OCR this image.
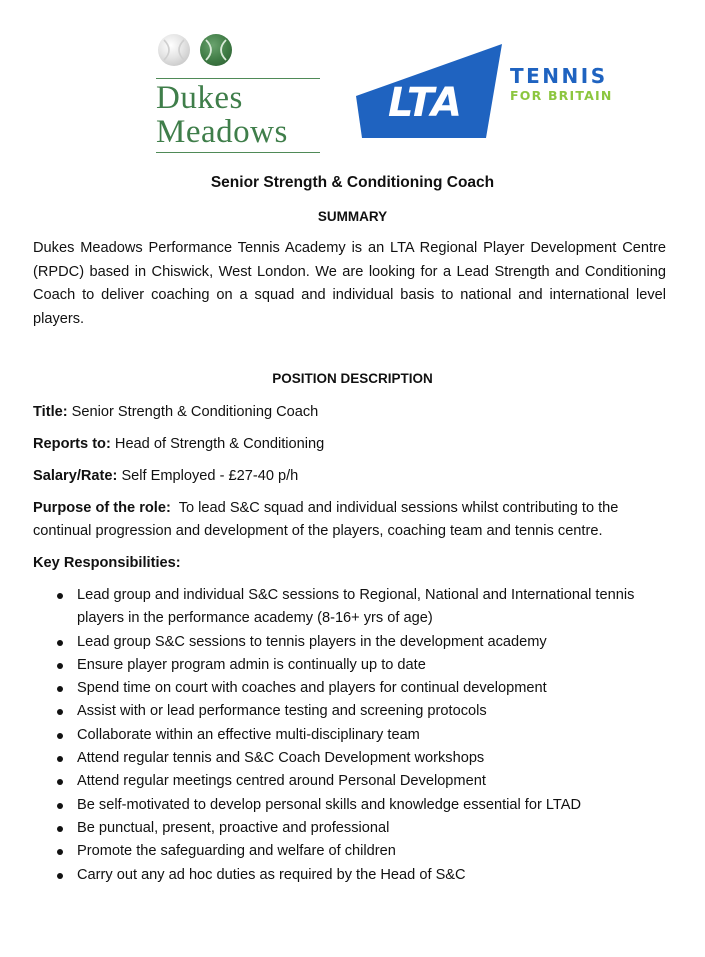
Dukes
Meadows
LTA
TENNIS
FOR BRITAIN
Senior Strength & Conditioning Coach
SUMMARY
Dukes Meadows Performance Tennis Academy is an LTA Regional Player Development Centre (RPDC) based in Chiswick, West London. We are looking for a Lead Strength and Conditioning Coach to deliver coaching on a squad and individual basis to national and international level players.
POSITION DESCRIPTION
Title: Senior Strength & Conditioning Coach
Reports to: Head of Strength & Conditioning
Salary/Rate: Self Employed - £27-40 p/h
Purpose of the role: To lead S&C squad and individual sessions whilst contributing to the continual progression and development of the players, coaching team and tennis centre.
Key Responsibilities:
Lead group and individual S&C sessions to Regional, National and International tennis players in the performance academy (8-16+ yrs of age)
Lead group S&C sessions to tennis players in the development academy
Ensure player program admin is continually up to date
Spend time on court with coaches and players for continual development
Assist with or lead performance testing and screening protocols
Collaborate within an effective multi-disciplinary team
Attend regular tennis and S&C Coach Development workshops
Attend regular meetings centred around Personal Development
Be self-motivated to develop personal skills and knowledge essential for LTAD
Be punctual, present, proactive and professional
Promote the safeguarding and welfare of children
Carry out any ad hoc duties as required by the Head of S&C
